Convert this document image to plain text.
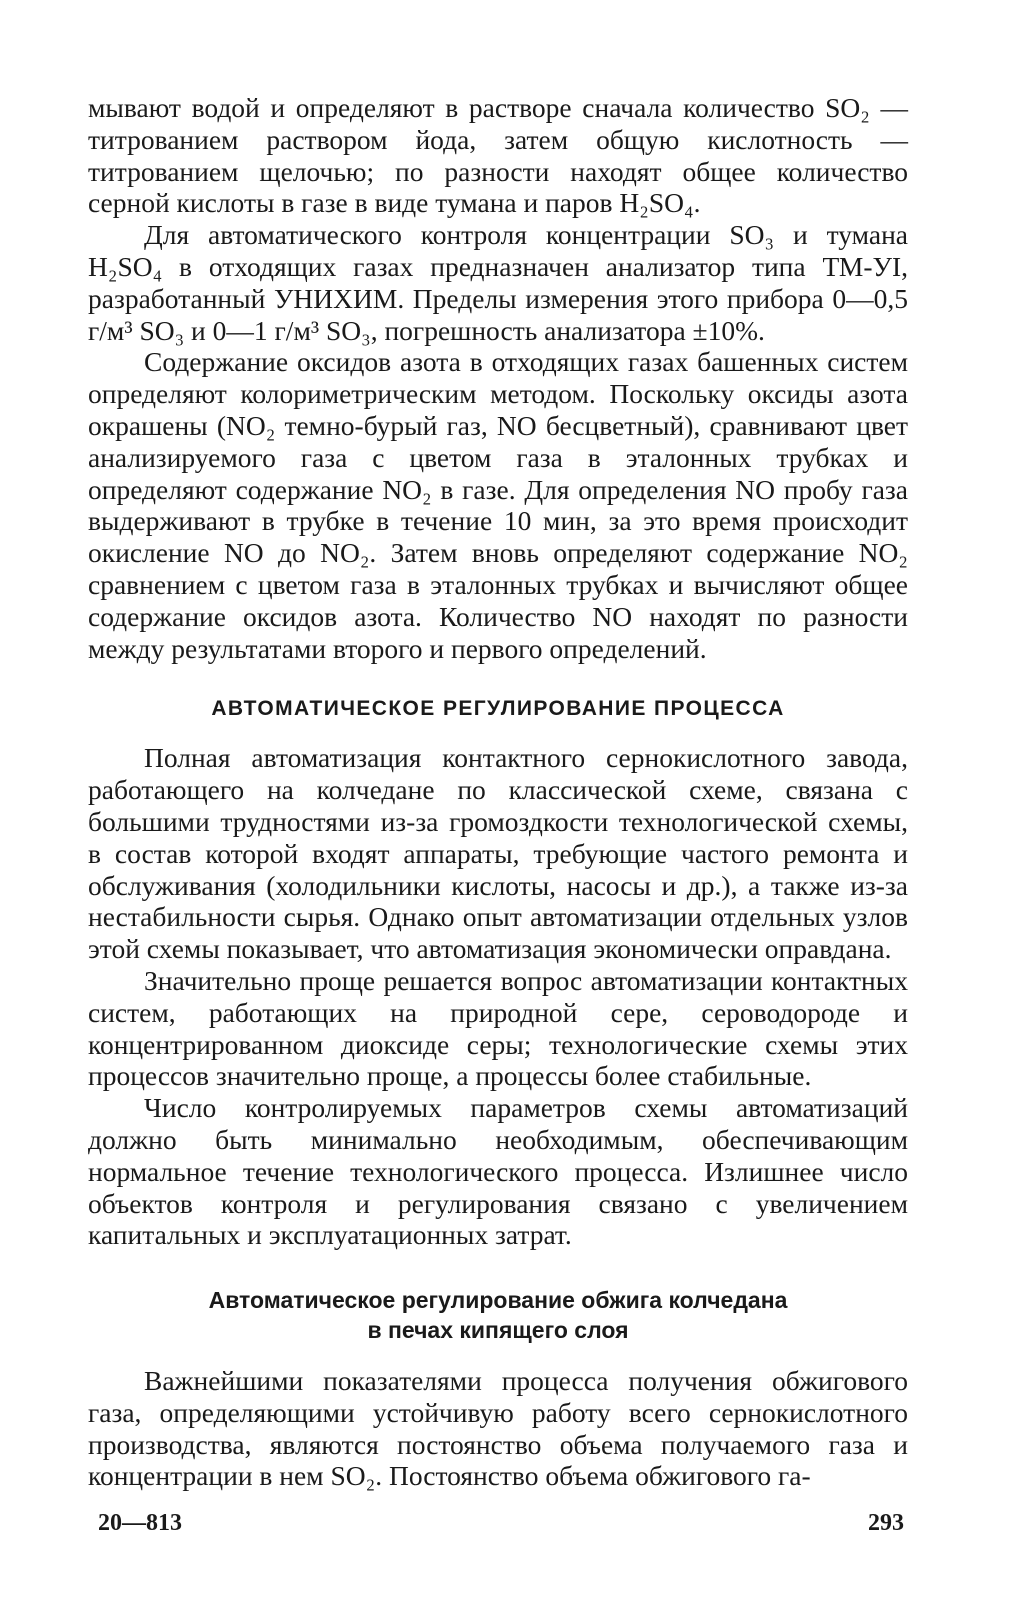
мывают водой и определяют в растворе сначала количество SO₂ — титрованием раствором йода, затем общую кислотность — титрованием щелочью; по разности находят общее количество серной кислоты в газе в виде тумана и паров H₂SO₄.

Для автоматического контроля концентрации SO₃ и тумана H₂SO₄ в отходящих газах предназначен анализатор типа ТМ-УІ, разработанный УНИХИМ. Пределы измерения этого прибора 0—0,5 г/м³ SO₃ и 0—1 г/м³ SO₃, погрешность анализатора ±10%.

Содержание оксидов азота в отходящих газах башенных систем определяют колориметрическим методом. Поскольку оксиды азота окрашены (NO₂ темно-бурый газ, NO бесцветный), сравнивают цвет анализируемого газа с цветом газа в эталонных трубках и определяют содержание NO₂ в газе. Для определения NO пробу газа выдерживают в трубке в течение 10 мин, за это время происходит окисление NO до NO₂. Затем вновь определяют содержание NO₂ сравнением с цветом газа в эталонных трубках и вычисляют общее содержание оксидов азота. Количество NO находят по разности между результатами второго и первого определений.

АВТОМАТИЧЕСКОЕ РЕГУЛИРОВАНИЕ ПРОЦЕССА

Полная автоматизация контактного сернокислотного завода, работающего на колчедане по классической схеме, связана с большими трудностями из-за громоздкости технологической схемы, в состав которой входят аппараты, требующие частого ремонта и обслуживания (холодильники кислоты, насосы и др.), а также из-за нестабильности сырья. Однако опыт автоматизации отдельных узлов этой схемы показывает, что автоматизация экономически оправдана.

Значительно проще решается вопрос автоматизации контактных систем, работающих на природной сере, сероводороде и концентрированном диоксиде серы; технологические схемы этих процессов значительно проще, а процессы более стабильные.

Число контролируемых параметров схемы автоматизаций должно быть минимально необходимым, обеспечивающим нормальное течение технологического процесса. Излишнее число объектов контроля и регулирования связано с увеличением капитальных и эксплуатационных затрат.

Автоматическое регулирование обжига колчедана
в печах кипящего слоя

Важнейшими показателями процесса получения обжигового газа, определяющими устойчивую работу всего сернокислотного производства, являются постоянство объема получаемого газа и концентрации в нем SO₂. Постоянство объема обжигового га-

20—813	293
